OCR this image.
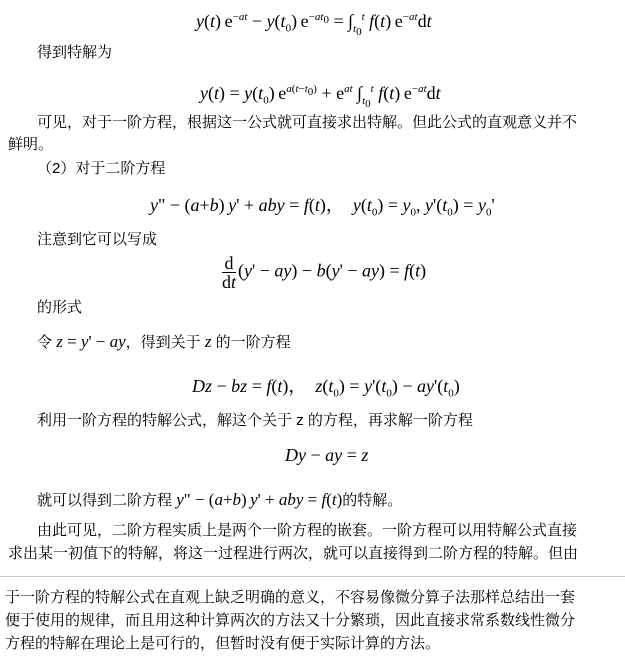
y(t) $e^{-at} - y(t_0) e^{-at_0} = \int_{t_0}^t$ f(t) $e^{-at}dt$
得到特解为
$y(t) = y(t_0) e^{a(t-t_0)} + e^{at}$ $\int_{t_0}^t$ f(t) $e^{-at}dt$
可见，对于一阶方程，根据这一公式就可直接求出特解。但此公式的直观意义并不
鲜明。
（2）对于二阶方程
y" − (a+b) y' + aby = f(t)，  $y(t_0) = y_0$, $y'(t_0) = y_0'$
注意到它可以写成
$\frac{d}{dt} (y' - ay) - b(y' - ay) = f(t)$
的形式
令 z = y' − ay，得到关于 z 的一阶方程
Dz − bz = f(t)，  $z(t_0) = y'(t_0) - ay'(t_0)$
利用一阶方程的特解公式，解这个关于 z 的方程，再求解一阶方程
Dy − ay = z
就可以得到二阶方程 y" − (a+b) y' + aby = f(t)的特解。
由此可见，二阶方程实质上是两个一阶方程的嵌套。一阶方程可以用特解公式直接
求出某一初值下的特解，将这一过程进行两次，就可以直接得到二阶方程的特解。但由
于一阶方程的特解公式在直观上缺乏明确的意义，不容易像微分算子法那样总结出一套
便于使用的规律，而且用这种计算两次的方法又十分繁琐，因此直接求常系数线性微分
方程的特解在理论上是可行的，但暂时没有便于实际计算的方法。
